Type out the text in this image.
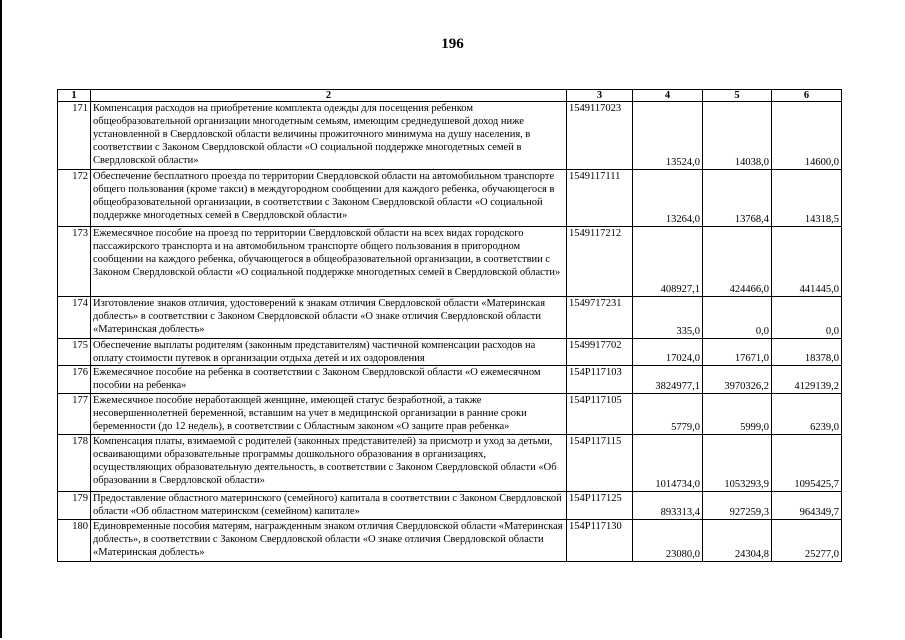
196
1	2	3	4	5	6
171	Компенсация расходов на приобретение комплекта одежды для посещения ребенком общеобразовательной организации многодетным семьям, имеющим среднедушевой доход ниже установленной в Свердловской области величины прожиточного минимума на душу населения, в соответствии с Законом Свердловской области «О социальной поддержке многодетных семей в Свердловской области»	1549117023	13524,0	14038,0	14600,0
172	Обеспечение бесплатного проезда по территории Свердловской области на автомобильном транспорте общего пользования (кроме такси) в междугородном сообщении для каждого ребенка, обучающегося в общеобразовательной организации, в соответствии с Законом Свердловской области «О социальной поддержке многодетных семей в Свердловской области»	1549117111	13264,0	13768,4	14318,5
173	Ежемесячное пособие на проезд по территории Свердловской области на всех видах городского пассажирского транспорта и на автомобильном транспорте общего пользования в пригородном сообщении на каждого ребенка, обучающегося в общеобразовательной организации, в соответствии с Законом Свердловской области «О социальной поддержке многодетных семей в Свердловской области»	1549117212	408927,1	424466,0	441445,0
174	Изготовление знаков отличия, удостоверений к знакам отличия Свердловской области «Материнская доблесть» в соответствии с Законом Свердловской области «О знаке отличия Свердловской области «Материнская доблесть»	1549717231	335,0	0,0	0,0
175	Обеспечение выплаты родителям (законным представителям) частичной компенсации расходов на оплату стоимости путевок в организации отдыха детей и их оздоровления	1549917702	17024,0	17671,0	18378,0
176	Ежемесячное пособие на ребенка в соответствии с Законом Свердловской области «О ежемесячном пособии на ребенка»	154P117103	3824977,1	3970326,2	4129139,2
177	Ежемесячное пособие неработающей женщине, имеющей статус безработной, а также несовершеннолетней беременной, вставшим на учет в медицинской организации в ранние сроки беременности (до 12 недель), в соответствии с Областным законом «О защите прав ребенка»	154P117105	5779,0	5999,0	6239,0
178	Компенсация платы, взимаемой с родителей (законных представителей) за присмотр и уход за детьми, осваивающими образовательные программы дошкольного образования в организациях, осуществляющих образовательную деятельность, в соответствии с Законом Свердловской области «Об образовании в Свердловской области»	154P117115	1014734,0	1053293,9	1095425,7
179	Предоставление областного материнского (семейного) капитала в соответствии с Законом Свердловской области «Об областном материнском (семейном) капитале»	154P117125	893313,4	927259,3	964349,7
180	Единовременные пособия матерям, награжденным знаком отличия Свердловской области «Материнская доблесть», в соответствии с Законом Свердловской области «О знаке отличия Свердловской области «Материнская доблесть»	154P117130	23080,0	24304,8	25277,0
